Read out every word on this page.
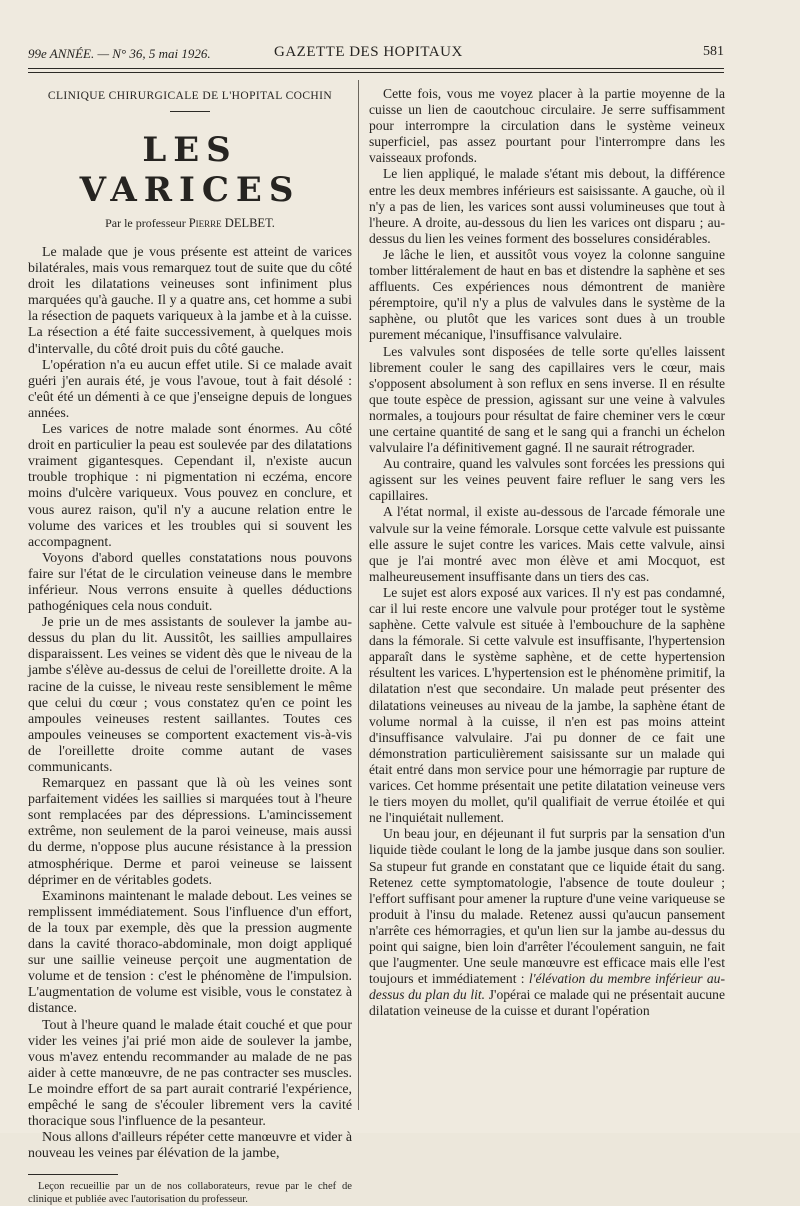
99e ANNÉE. — N° 36, 5 mai 1926.	GAZETTE DES HOPITAUX	581
CLINIQUE CHIRURGICALE DE L'HOPITAL COCHIN
LES VARICES
Par le professeur Pierre DELBET.

Le malade que je vous présente est atteint de varices bilatérales, mais vous remarquez tout de suite que du côté droit les dilatations veineuses sont infiniment plus marquées qu'à gauche. Il y a quatre ans, cet homme a subi la résection de paquets variqueux à la jambe et à la cuisse. La résection a été faite successivement, à quelques mois d'intervalle, du côté droit puis du côté gauche.

L'opération n'a eu aucun effet utile. Si ce malade avait guéri j'en aurais été, je vous l'avoue, tout à fait désolé : c'eût été un démenti à ce que j'enseigne depuis de longues années.

Les varices de notre malade sont énormes. Au côté droit en particulier la peau est soulevée par des dilatations vraiment gigantesques. Cependant il, n'existe aucun trouble trophique : ni pigmentation ni eczéma, encore moins d'ulcère variqueux. Vous pouvez en conclure, et vous aurez raison, qu'il n'y a aucune relation entre le volume des varices et les troubles qui si souvent les accompagnent.

Voyons d'abord quelles constatations nous pouvons faire sur l'état de le circulation veineuse dans le membre inférieur. Nous verrons ensuite à quelles déductions pathogéniques cela nous conduit.

Je prie un de mes assistants de soulever la jambe au-dessus du plan du lit. Aussitôt, les saillies ampullaires disparaissent. Les veines se vident dès que le niveau de la jambe s'élève au-dessus de celui de l'oreillette droite. A la racine de la cuisse, le niveau reste sensiblement le même que celui du cœur ; vous constatez qu'en ce point les ampoules veineuses restent saillantes. Toutes ces ampoules veineuses se comportent exactement vis-à-vis de l'oreillette droite comme autant de vases communicants.

Remarquez en passant que là où les veines sont parfaitement vidées les saillies si marquées tout à l'heure sont remplacées par des dépressions. L'amincissement extrême, non seulement de la paroi veineuse, mais aussi du derme, n'oppose plus aucune résistance à la pression atmosphérique. Derme et paroi veineuse se laissent déprimer en de véritables godets.

Examinons maintenant le malade debout. Les veines se remplissent immédiatement. Sous l'influence d'un effort, de la toux par exemple, dès que la pression augmente dans la cavité thoraco-abdominale, mon doigt appliqué sur une saillie veineuse perçoit une augmentation de volume et de tension : c'est le phénomène de l'impulsion. L'augmentation de volume est visible, vous le constatez à distance.

Tout à l'heure quand le malade était couché et que pour vider les veines j'ai prié mon aide de soulever la jambe, vous m'avez entendu recommander au malade de ne pas aider à cette manœuvre, de ne pas contracter ses muscles. Le moindre effort de sa part aurait contrarié l'expérience, empêché le sang de s'écouler librement vers la cavité thoracique sous l'influence de la pesanteur.

Nous allons d'ailleurs répéter cette manœuvre et vider à nouveau les veines par élévation de la jambe,

Leçon recueillie par un de nos collaborateurs, revue par le chef de clinique et publiée avec l'autorisation du professeur.

Cette fois, vous me voyez placer à la partie moyenne de la cuisse un lien de caoutchouc circulaire. Je serre suffisamment pour interrompre la circulation dans le système veineux superficiel, pas assez pourtant pour l'interrompre dans les vaisseaux profonds.

Le lien appliqué, le malade s'étant mis debout, la différence entre les deux membres inférieurs est saisissante. A gauche, où il n'y a pas de lien, les varices sont aussi volumineuses que tout à l'heure. A droite, au-dessous du lien les varices ont disparu ; au-dessus du lien les veines forment des bosselures considérables.

Je lâche le lien, et aussitôt vous voyez la colonne sanguine tomber littéralement de haut en bas et distendre la saphène et ses affluents. Ces expériences nous démontrent de manière péremptoire, qu'il n'y a plus de valvules dans le système de la saphène, ou plutôt que les varices sont dues à un trouble purement mécanique, l'insuffisance valvulaire.

Les valvules sont disposées de telle sorte qu'elles laissent librement couler le sang des capillaires vers le cœur, mais s'opposent absolument à son reflux en sens inverse. Il en résulte que toute espèce de pression, agissant sur une veine à valvules normales, a toujours pour résultat de faire cheminer vers le cœur une certaine quantité de sang et le sang qui a franchi un échelon valvulaire l'a définitivement gagné. Il ne saurait rétrograder.

Au contraire, quand les valvules sont forcées les pressions qui agissent sur les veines peuvent faire refluer le sang vers les capillaires.

A l'état normal, il existe au-dessous de l'arcade fémorale une valvule sur la veine fémorale. Lorsque cette valvule est puissante elle assure le sujet contre les varices. Mais cette valvule, ainsi que je l'ai montré avec mon élève et ami Mocquot, est malheureusement insuffisante dans un tiers des cas.

Le sujet est alors exposé aux varices. Il n'y est pas condamné, car il lui reste encore une valvule pour protéger tout le système saphène. Cette valvule est située à l'embouchure de la saphène dans la fémorale. Si cette valvule est insuffisante, l'hypertension apparaît dans le système saphène, et de cette hypertension résultent les varices. L'hypertension est le phénomène primitif, la dilatation n'est que secondaire. Un malade peut présenter des dilatations veineuses au niveau de la jambe, la saphène étant de volume normal à la cuisse, il n'en est pas moins atteint d'insuffisance valvulaire. J'ai pu donner de ce fait une démonstration particulièrement saisissante sur un malade qui était entré dans mon service pour une hémorragie par rupture de varices. Cet homme présentait une petite dilatation veineuse vers le tiers moyen du mollet, qu'il qualifiait de verrue étoilée et qui ne l'inquiétait nullement.

Un beau jour, en déjeunant il fut surpris par la sensation d'un liquide tiède coulant le long de la jambe jusque dans son soulier. Sa stupeur fut grande en constatant que ce liquide était du sang. Retenez cette symptomatologie, l'absence de toute douleur ; l'effort suffisant pour amener la rupture d'une veine variqueuse se produit à l'insu du malade. Retenez aussi qu'aucun pansement n'arrête ces hémorragies, et qu'un lien sur la jambe au-dessus du point qui saigne, bien loin d'arrêter l'écoulement sanguin, ne fait que l'augmenter. Une seule manœuvre est efficace mais elle l'est toujours et immédiatement : l'élévation du membre inférieur au-dessus du plan du lit. J'opérai ce malade qui ne présentait aucune dilatation veineuse de la cuisse et durant l'opération
